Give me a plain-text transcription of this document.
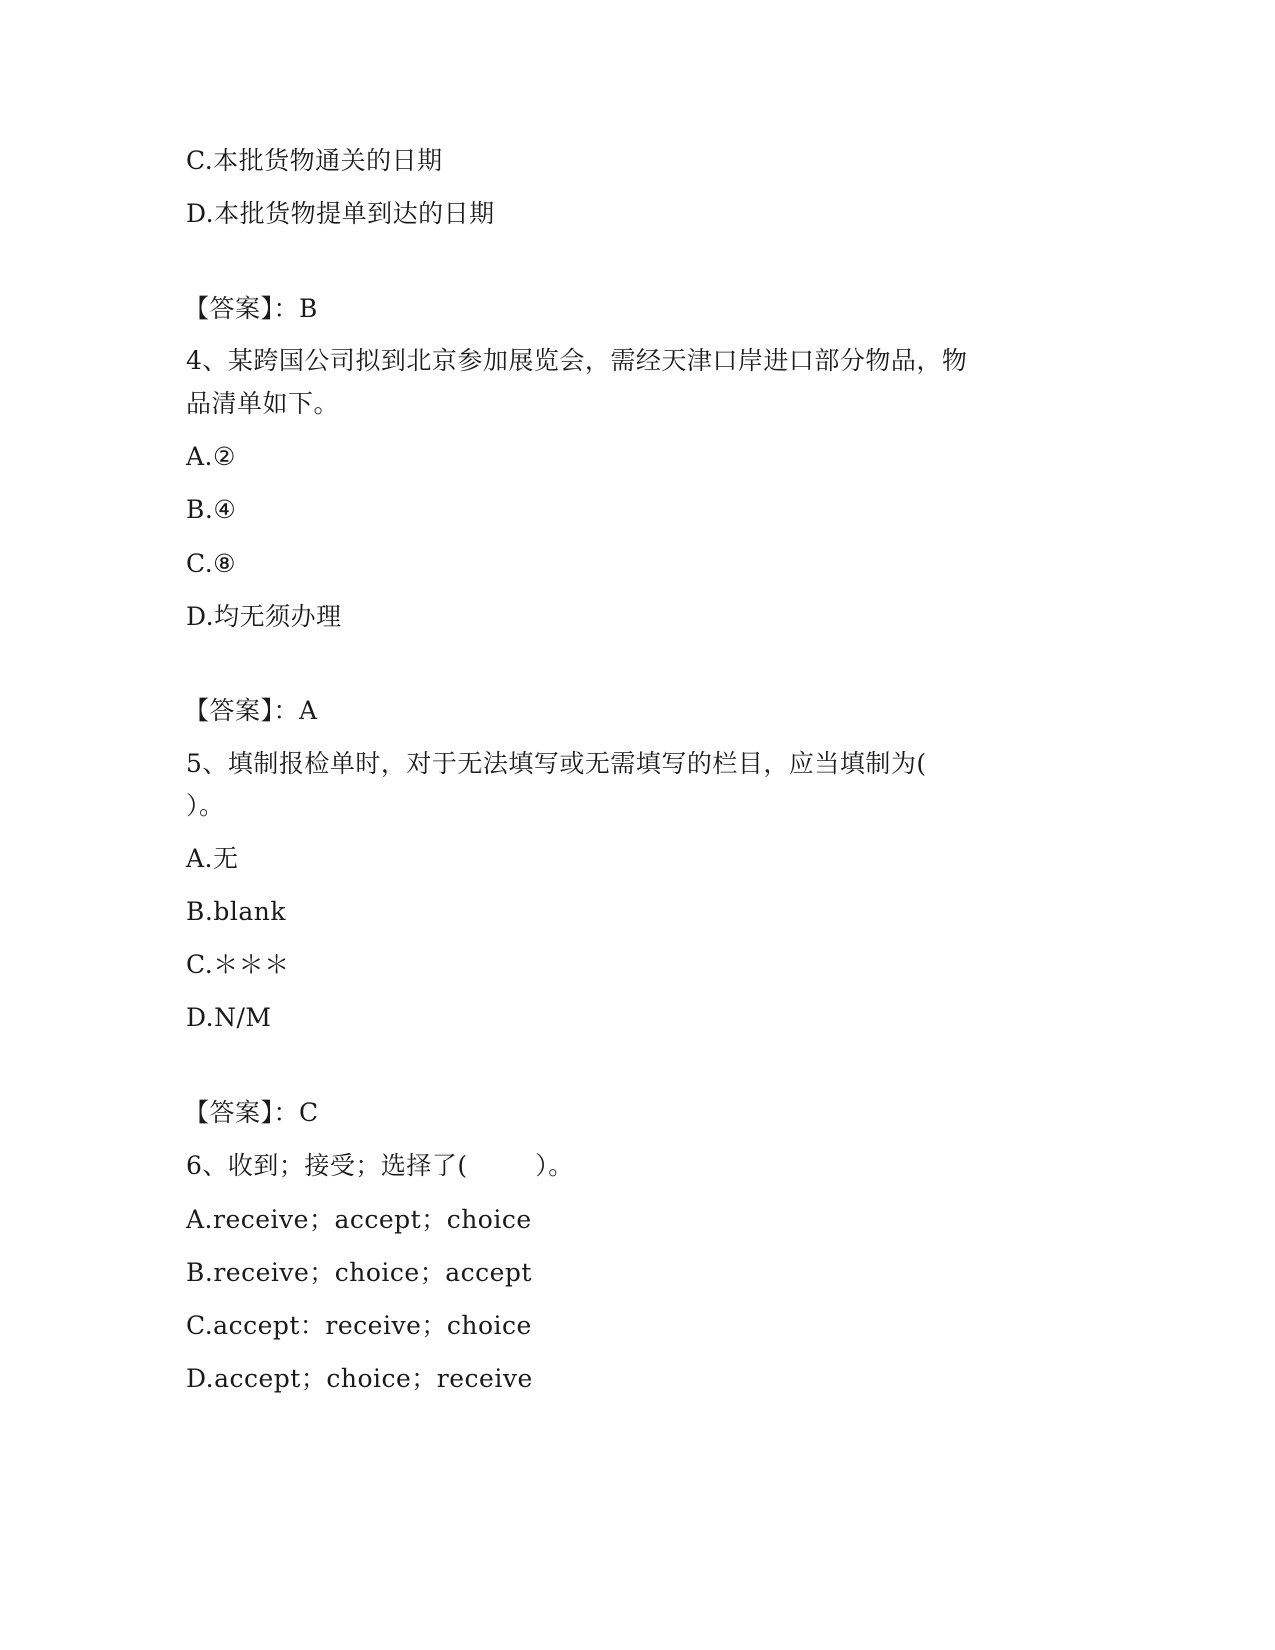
C.本批货物通关的日期
D.本批货物提单到达的日期
【答案】：B
4、某跨国公司拟到北京参加展览会，需经天津口岸进口部分物品，物
品清单如下。
A.②
B.④
C.⑧
D.均无须办理
【答案】：A
5、填制报检单时，对于无法填写或无需填写的栏目，应当填制为(
）。
A.无
B.blank
C.＊＊＊
D.N/M
【答案】：C
6、收到；接受；选择了(        ）。
A.receive；accept；choice
B.receive；choice；accept
C.accept：receive；choice
D.accept；choice；receive
